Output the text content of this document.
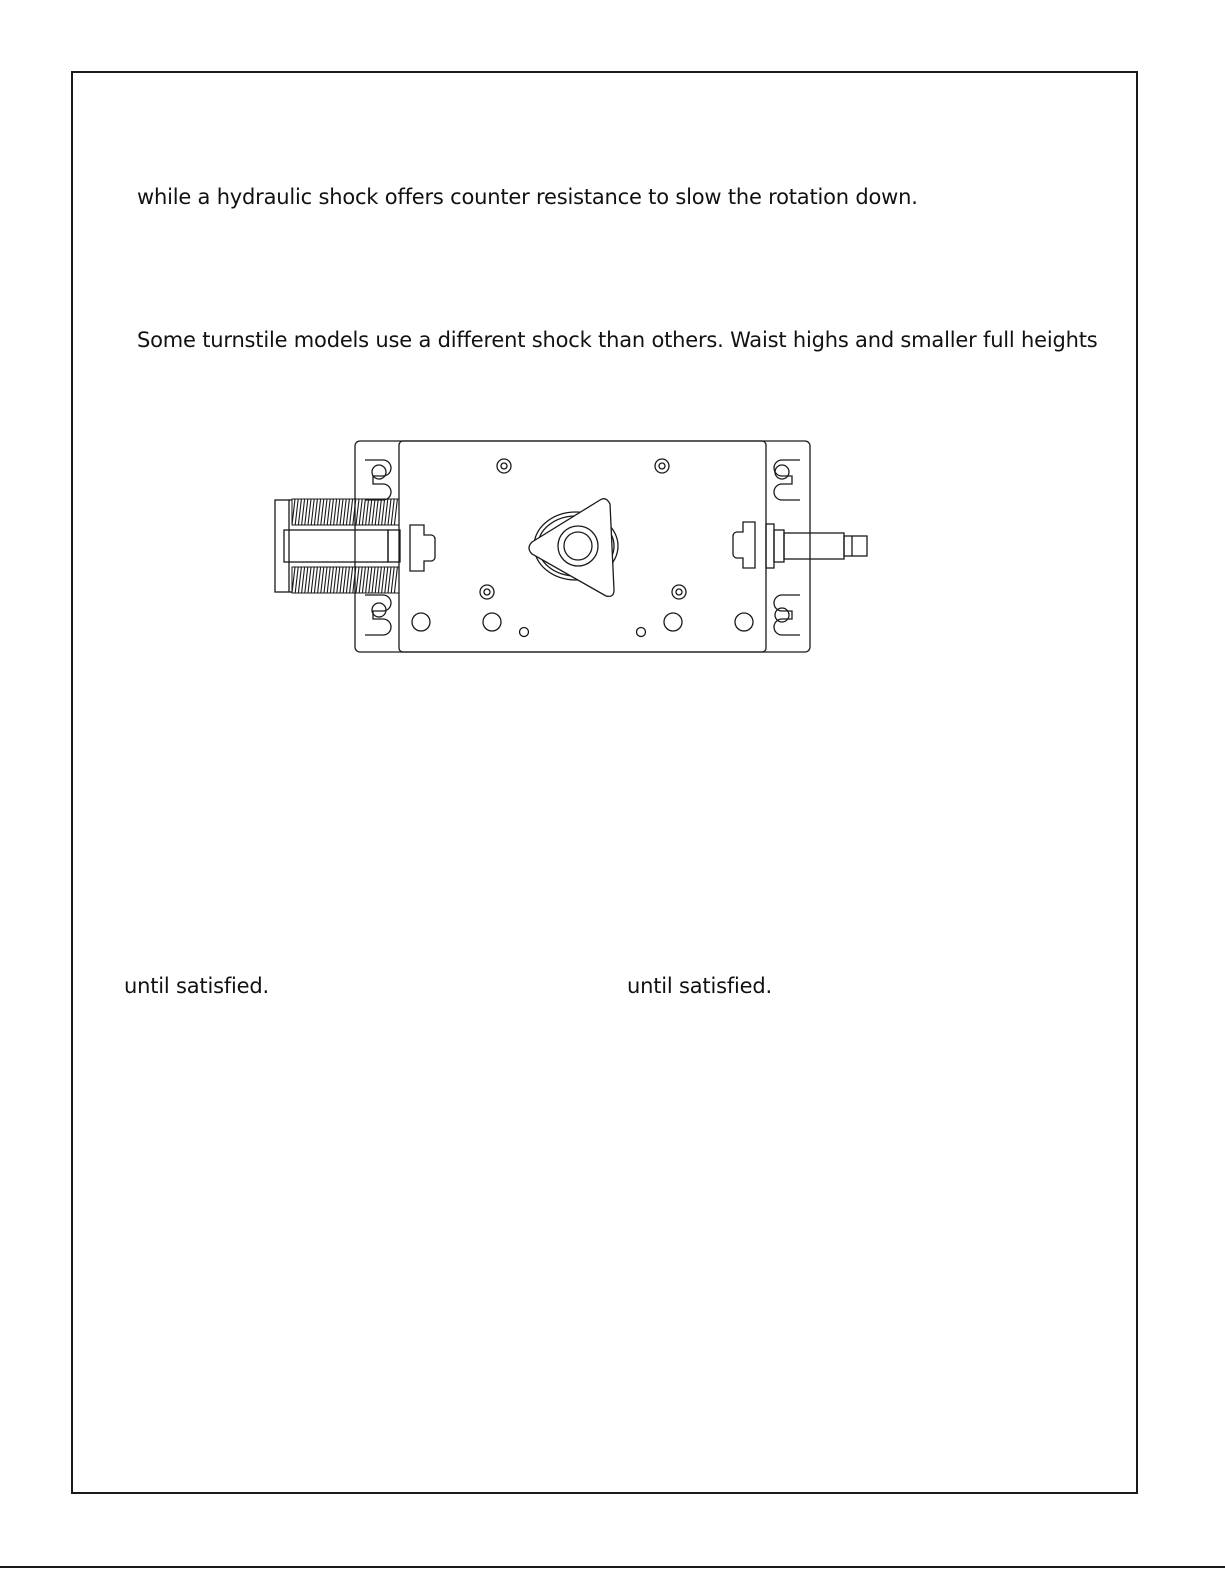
while a hydraulic shock offers counter resistance to slow the rotation down.
Some turnstile models use a different shock than others. Waist highs and smaller full heights
until satisfied.	until satisfied.
